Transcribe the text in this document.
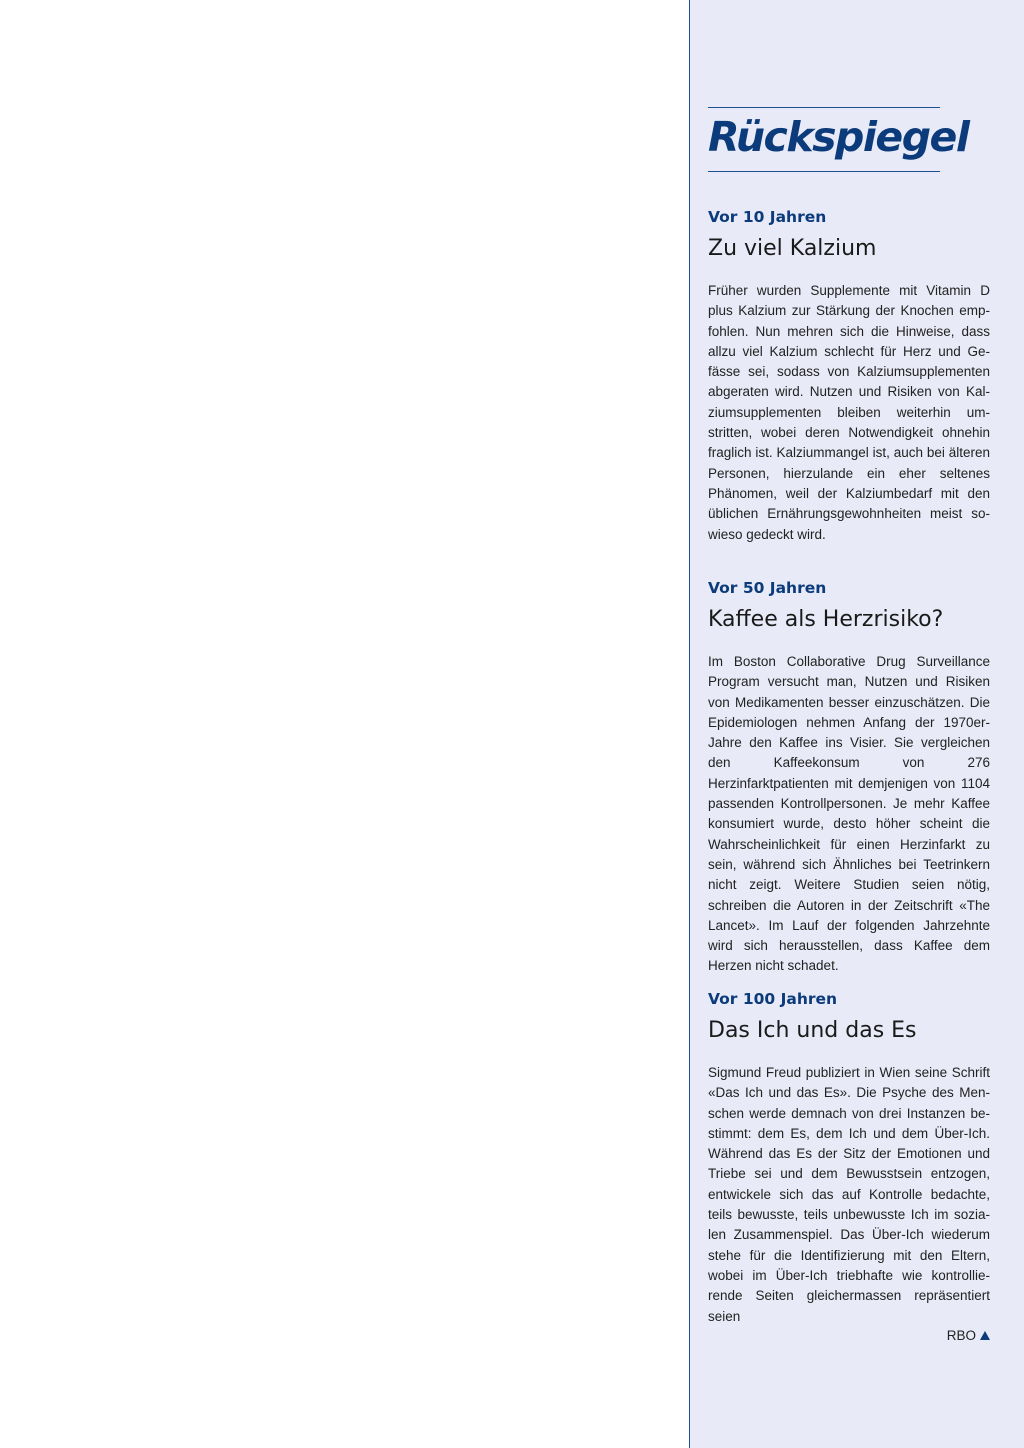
Rückspiegel
Vor 10 Jahren
Zu viel Kalzium
Früher wurden Supplemente mit Vitamin D plus Kalzium zur Stärkung der Knochen empfohlen. Nun mehren sich die Hinweise, dass allzu viel Kalzium schlecht für Herz und Gefässe sei, sodass von Kalziumsupplementen abgeraten wird. Nutzen und Risiken von Kalziumsupplementen bleiben weiterhin umstritten, wobei deren Notwendigkeit ohnehin fraglich ist. Kalziummangel ist, auch bei älteren Personen, hierzulande ein eher seltenes Phänomen, weil der Kalziumbedarf mit den üblichen Ernährungsgewohnheiten meist sowieso gedeckt wird.
Vor 50 Jahren
Kaffee als Herzrisiko?
Im Boston Collaborative Drug Surveillance Program versucht man, Nutzen und Risiken von Medikamenten besser einzuschätzen. Die Epidemiologen nehmen Anfang der 1970er-Jahre den Kaffee ins Visier. Sie vergleichen den Kaffeekonsum von 276 Herzinfarktpatienten mit demjenigen von 1104 passenden Kontrollpersonen. Je mehr Kaffee konsumiert wurde, desto höher scheint die Wahrscheinlichkeit für einen Herzinfarkt zu sein, während sich Ähnliches bei Teetrinkern nicht zeigt. Weitere Studien seien nötig, schreiben die Autoren in der Zeitschrift «The Lancet». Im Lauf der folgenden Jahrzehnte wird sich herausstellen, dass Kaffee dem Herzen nicht schadet.
Vor 100 Jahren
Das Ich und das Es
Sigmund Freud publiziert in Wien seine Schrift «Das Ich und das Es». Die Psyche des Menschen werde demnach von drei Instanzen bestimmt: dem Es, dem Ich und dem Über-Ich. Während das Es der Sitz der Emotionen und Triebe sei und dem Bewusstsein entzogen, entwickele sich das auf Kontrolle bedachte, teils bewusste, teils unbewusste Ich im sozialen Zusammenspiel. Das Über-Ich wiederum stehe für die Identifizierung mit den Eltern, wobei im Über-Ich triebhafte wie kontrollierende Seiten gleichermassen repräsentiert seien
RBO
